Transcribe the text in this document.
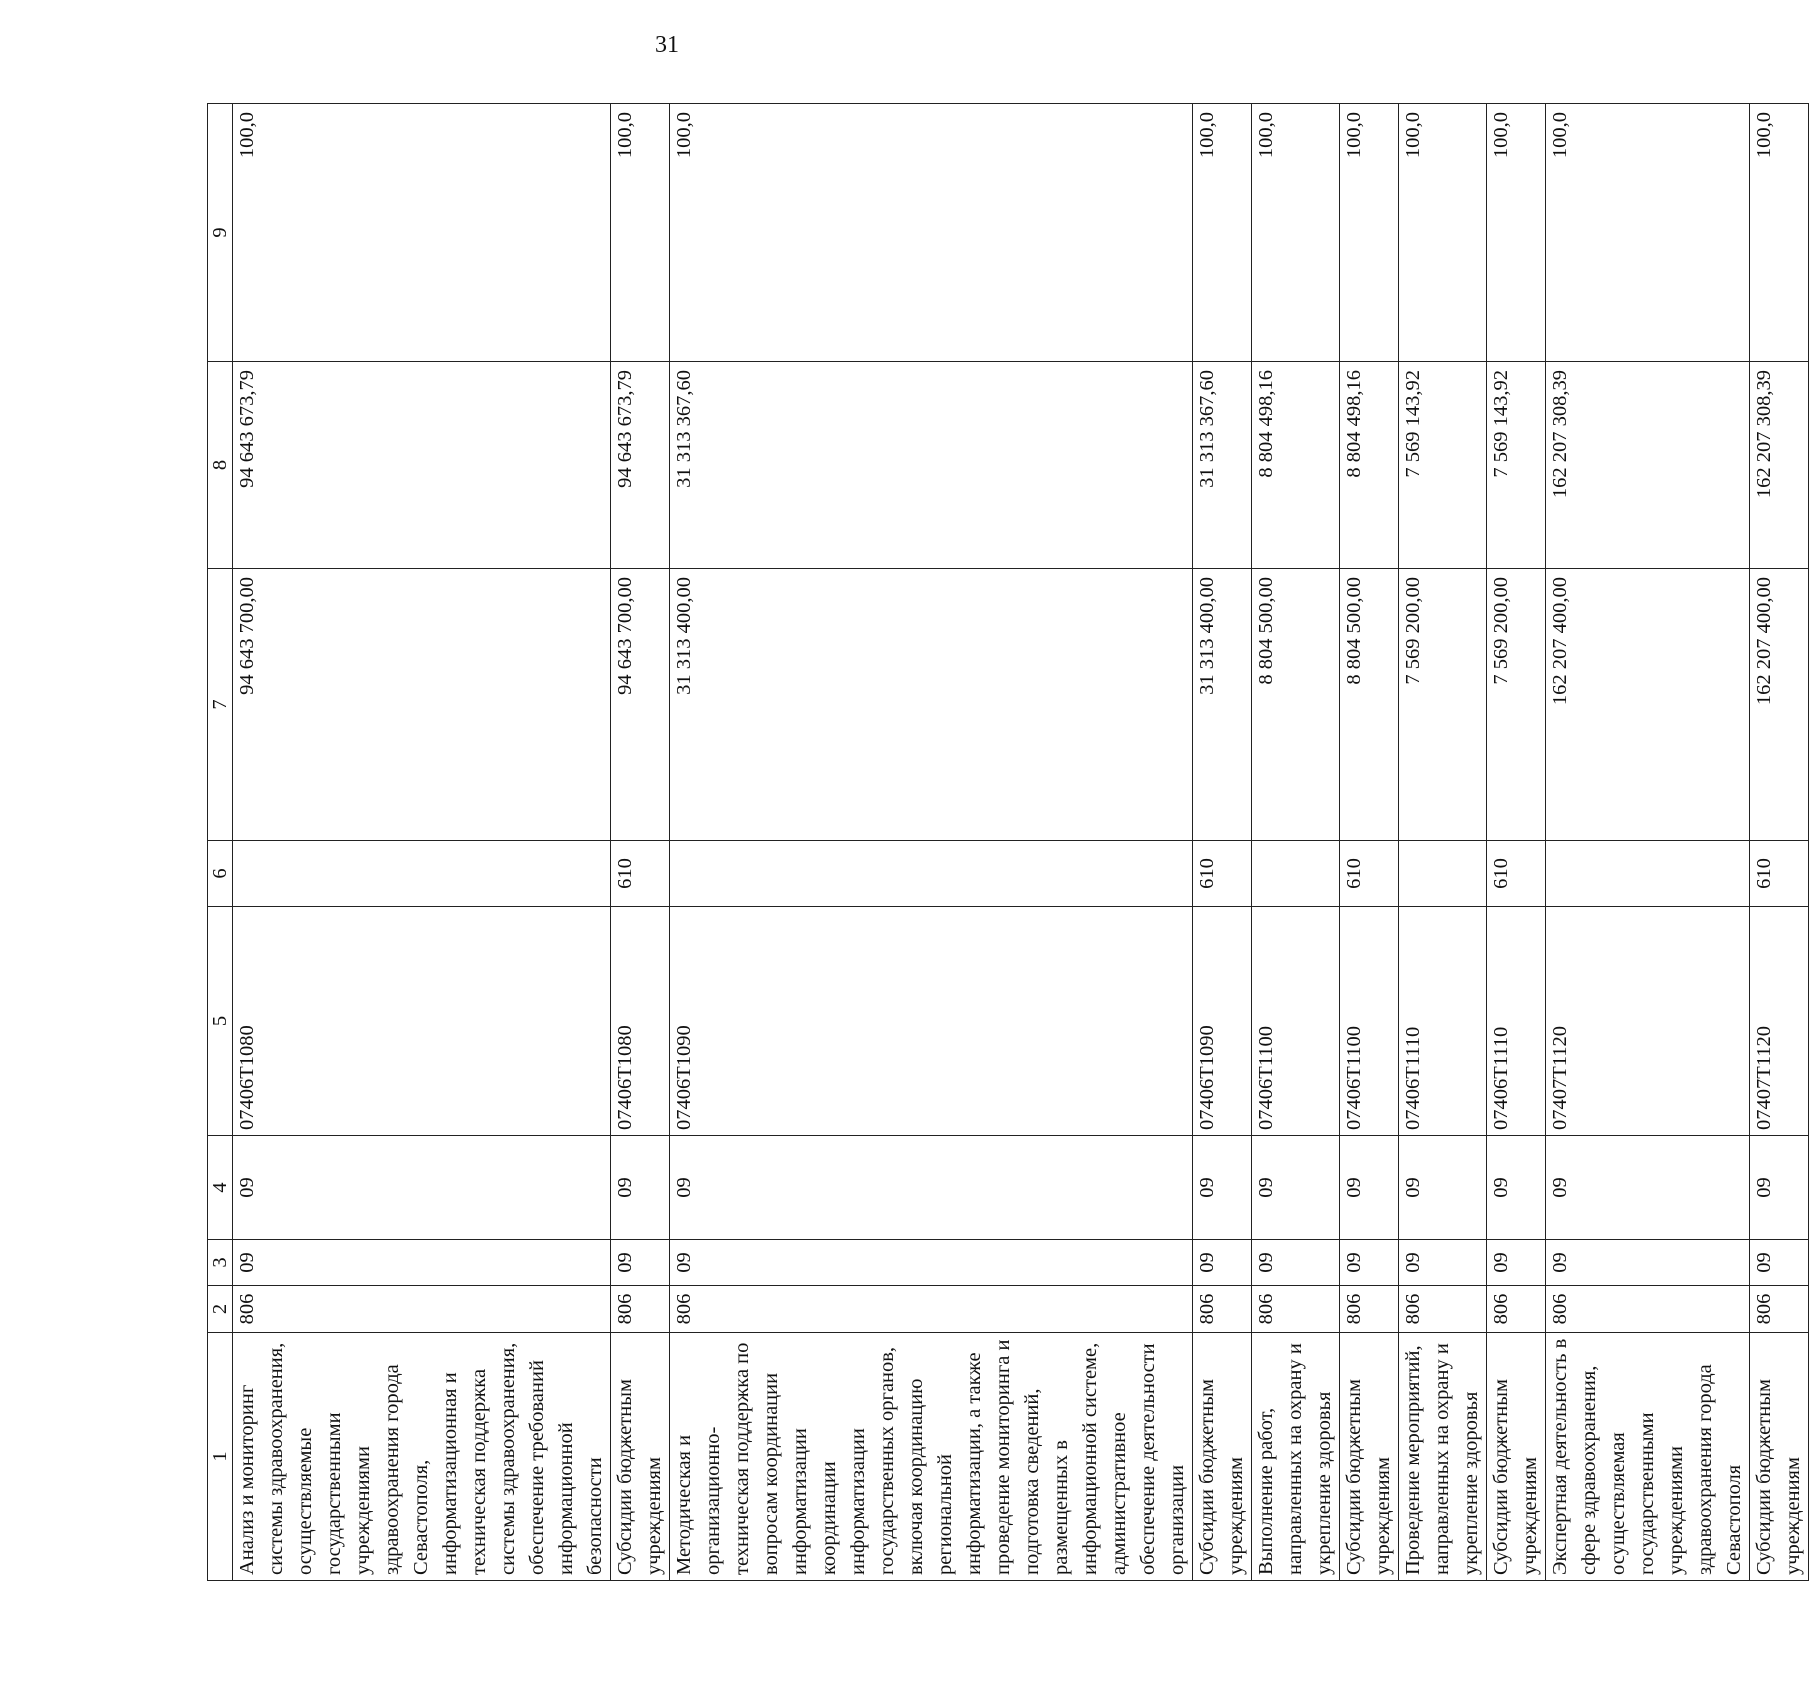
31
1	2	3	4	5	6	7	8	9
Анализ и мониторинг системы здравоохранения, осуществляемые государственными учреждениями здравоохранения города Севастополя, информатизационная и техническая поддержка системы здравоохранения, обеспечение требований информационной безопасности	806	09	09	07406Т1080		94 643 700,00	94 643 673,79	100,0
Субсидии бюджетным учреждениям	806	09	09	07406Т1080	610	94 643 700,00	94 643 673,79	100,0
Методическая и организационно-техническая поддержка по вопросам координации информатизации координации информатизации государственных органов, включая координацию региональной информатизации, а также проведение мониторинга и подготовка сведений, размещенных в информационной системе, административное обеспечение деятельности организации	806	09	09	07406Т1090		31 313 400,00	31 313 367,60	100,0
Субсидии бюджетным учреждениям	806	09	09	07406Т1090	610	31 313 400,00	31 313 367,60	100,0
Выполнение работ, направленных на охрану и укрепление здоровья	806	09	09	07406Т1100		8 804 500,00	8 804 498,16	100,0
Субсидии бюджетным учреждениям	806	09	09	07406Т1100	610	8 804 500,00	8 804 498,16	100,0
Проведение мероприятий, направленных на охрану и укрепление здоровья	806	09	09	07406Т1110		7 569 200,00	7 569 143,92	100,0
Субсидии бюджетным учреждениям	806	09	09	07406Т1110	610	7 569 200,00	7 569 143,92	100,0
Экспертная деятельность в сфере здравоохранения, осуществляемая государственными учреждениями здравоохранения города Севастополя	806	09	09	07407Т1120		162 207 400,00	162 207 308,39	100,0
Субсидии бюджетным учреждениям	806	09	09	07407Т1120	610	162 207 400,00	162 207 308,39	100,0
